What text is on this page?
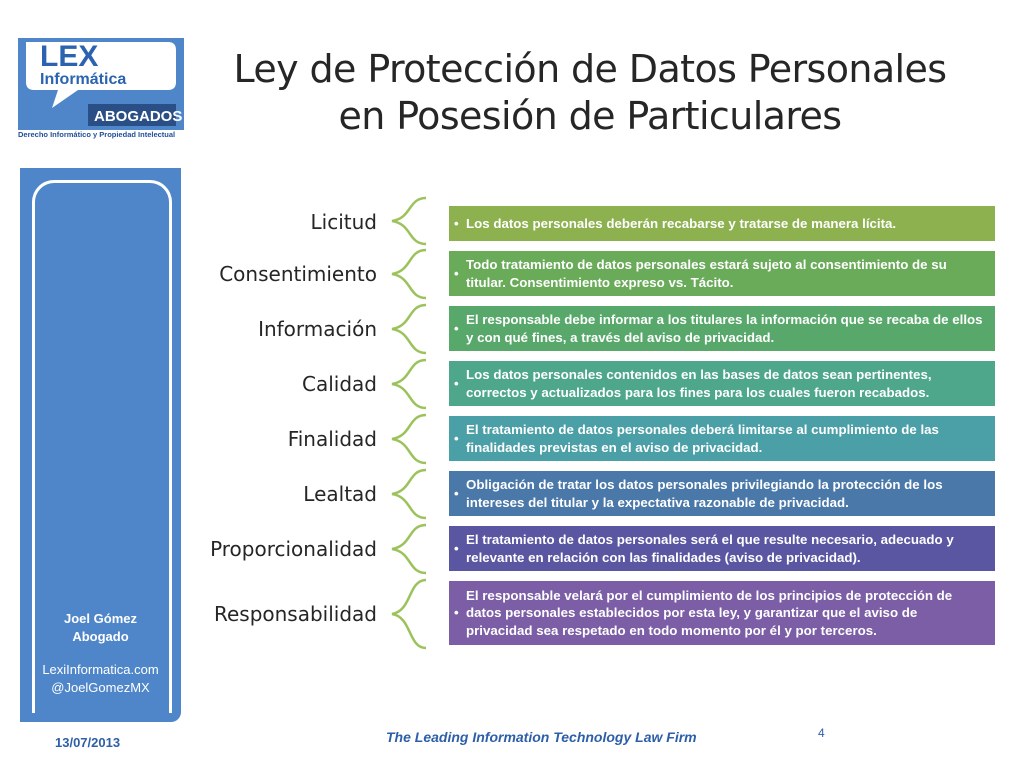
LEX
Informática
ABOGADOS
Derecho Informático y Propiedad Intelectual
Ley de Protección de Datos Personales
en Posesión de Particulares
Joel Gómez
Abogado
LexiInformatica.com
@JoelGomezMX
Licitud	• Los datos personales deberán recabarse y tratarse de manera lícita.
Consentimiento	•
Todo tratamiento de datos personales estará sujeto al consentimiento de su titular. Consentimiento expreso vs. Tácito.
Información	•
El responsable debe informar a los titulares la información que se recaba de ellos y con qué fines, a través del aviso de privacidad.
Calidad	•
Los datos personales contenidos en las bases de datos sean pertinentes, correctos y actualizados para los fines para los cuales fueron recabados.
Finalidad	•
El tratamiento de datos personales deberá limitarse al cumplimiento de las finalidades previstas en el aviso de privacidad.
Lealtad	•
Obligación de tratar los datos personales privilegiando la protección de los intereses del titular y la expectativa razonable de privacidad.
Proporcionalidad	•
El tratamiento de datos personales será el que resulte necesario, adecuado y relevante en relación con las finalidades (aviso de privacidad).
Responsabilidad	•
El responsable velará por el cumplimiento de los principios de protección de datos personales establecidos por esta ley, y garantizar que el aviso de privacidad sea respetado en todo momento por él y por terceros.
13/07/2013	The Leading Information Technology Law Firm	4
